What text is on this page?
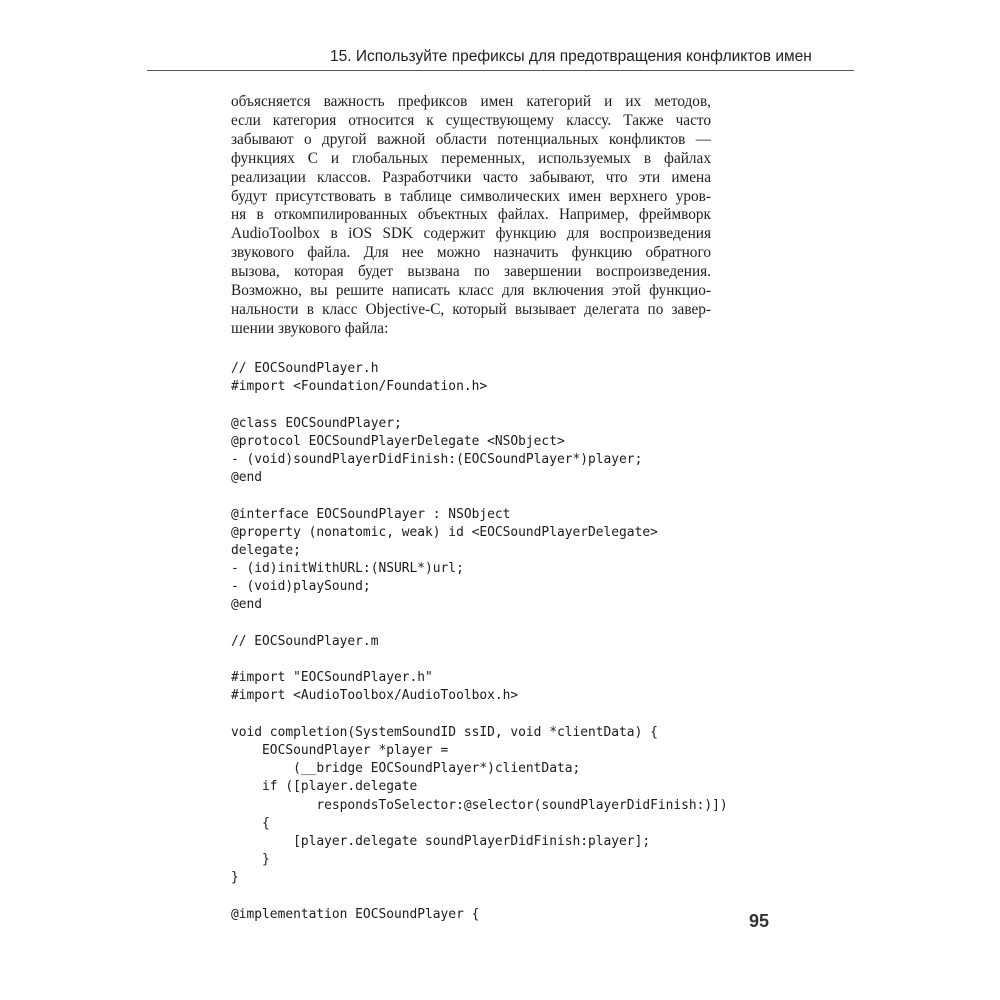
15. Используйте префиксы для предотвращения конфликтов имен
объясняется важность префиксов имен категорий и их методов,
если категория относится к существующему классу. Также часто
забывают о другой важной области потенциальных конфликтов —
функциях С и глобальных переменных, используемых в файлах
реализации классов. Разработчики часто забывают, что эти имена
будут присутствовать в таблице символических имен верхнего уров-
ня в откомпилированных объектных файлах. Например, фреймворк
AudioToolbox в iOS SDK содержит функцию для воспроизведения
звукового файла. Для нее можно назначить функцию обратного
вызова, которая будет вызвана по завершении воспроизведения.
Возможно, вы решите написать класс для включения этой функцио-
нальности в класс Objective-C, который вызывает делегата по завер-
шении звукового файла:
// EOCSoundPlayer.h
#import <Foundation/Foundation.h>
@class EOCSoundPlayer;
@protocol EOCSoundPlayerDelegate <NSObject>
- (void)soundPlayerDidFinish:(EOCSoundPlayer*)player;
@end
@interface EOCSoundPlayer : NSObject
@property (nonatomic, weak) id <EOCSoundPlayerDelegate>
delegate;
- (id)initWithURL:(NSURL*)url;
- (void)playSound;
@end
// EOCSoundPlayer.m
#import "EOCSoundPlayer.h"
#import <AudioToolbox/AudioToolbox.h>
void completion(SystemSoundID ssID, void *clientData) {
EOCSoundPlayer *player =
(__bridge EOCSoundPlayer*)clientData;
if ([player.delegate
respondsToSelector:@selector(soundPlayerDidFinish:)])
{
[player.delegate soundPlayerDidFinish:player];
}
}
@implementation EOCSoundPlayer {	95
